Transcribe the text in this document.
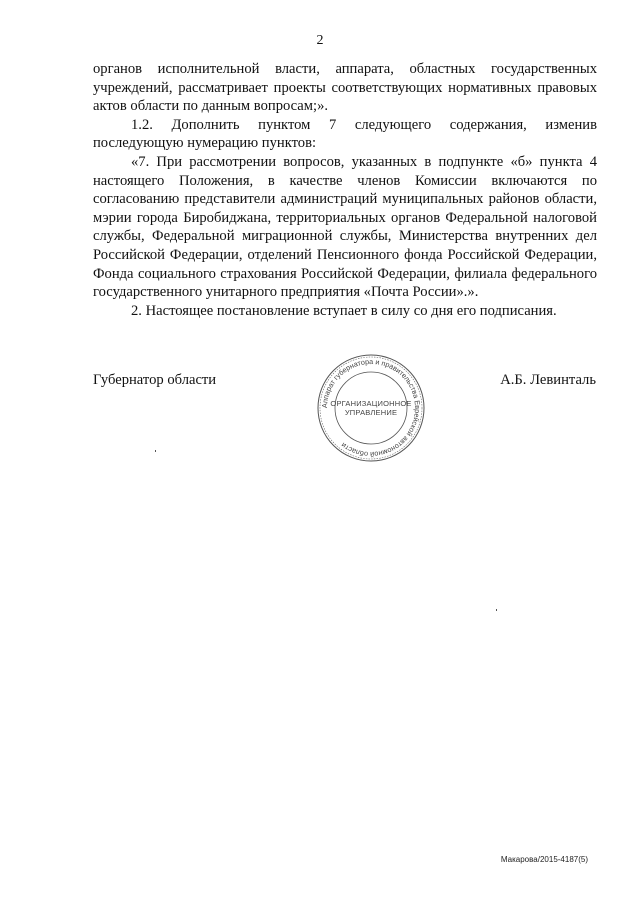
2

органов исполнительной власти, аппарата, областных государственных учреждений, рассматривает проекты соответствующих нормативных правовых актов области по данным вопросам;».

1.2. Дополнить пунктом 7 следующего содержания, изменив последующую нумерацию пунктов:

«7. При рассмотрении вопросов, указанных в подпункте «б» пункта 4 настоящего Положения, в качестве членов Комиссии включаются по согласованию представители администраций муниципальных районов области, мэрии города Биробиджана, территориальных органов Федеральной налоговой службы, Федеральной миграционной службы, Министерства внутренних дел Российской Федерации, отделений Пенсионного фонда Российской Федерации, Фонда социального страхования Российской Федерации, филиала федерального государственного унитарного предприятия «Почта России».».

2. Настоящее постановление вступает в силу со дня его подписания.

Губернатор области
Аппарат губернатора и правительства Еврейской автономной области
ОРГАНИЗАЦИОННОЕ
УПРАВЛЕНИЕ
А.Б. Левинталь
Макарова/2015-4187(5)
